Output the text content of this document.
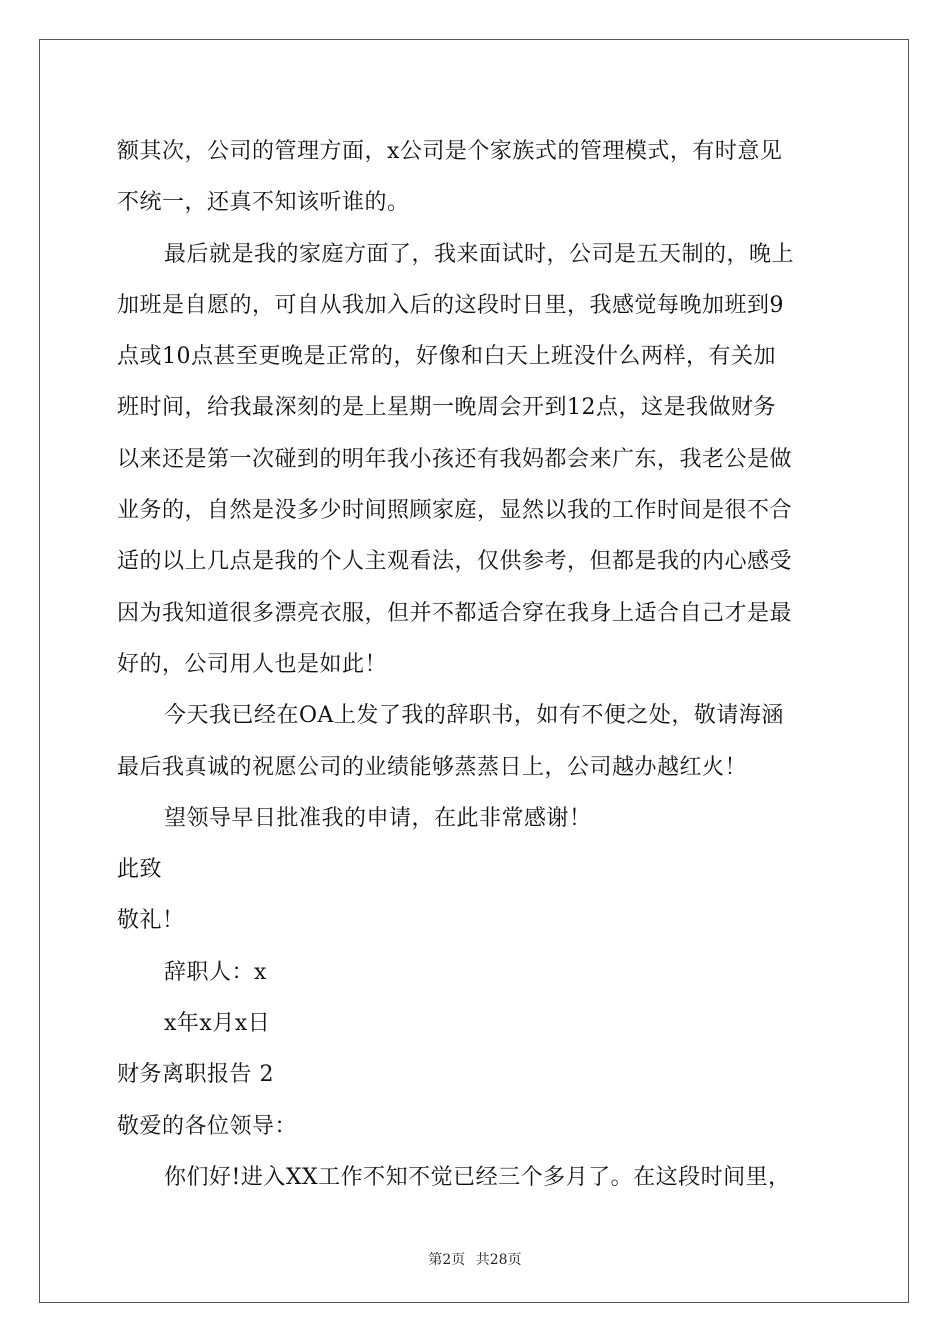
额其次，公司的管理方面，x公司是个家族式的管理模式，有时意见
不统一，还真不知该听谁的。
最后就是我的家庭方面了，我来面试时，公司是五天制的，晚上
加班是自愿的，可自从我加入后的这段时日里，我感觉每晚加班到9
点或10点甚至更晚是正常的，好像和白天上班没什么两样，有关加
班时间，给我最深刻的是上星期一晚周会开到12点，这是我做财务
以来还是第一次碰到的明年我小孩还有我妈都会来广东，我老公是做
业务的，自然是没多少时间照顾家庭，显然以我的工作时间是很不合
适的以上几点是我的个人主观看法，仅供参考，但都是我的内心感受
因为我知道很多漂亮衣服，但并不都适合穿在我身上适合自己才是最
好的，公司用人也是如此！
今天我已经在OA上发了我的辞职书，如有不便之处，敬请海涵
最后我真诚的祝愿公司的业绩能够蒸蒸日上，公司越办越红火！
望领导早日批准我的申请，在此非常感谢！
此致
敬礼！
辞职人：x
x年x月x日
财务离职报告 2
敬爱的各位领导：
你们好!进入XX工作不知不觉已经三个多月了。在这段时间里，
第2页 共28页
